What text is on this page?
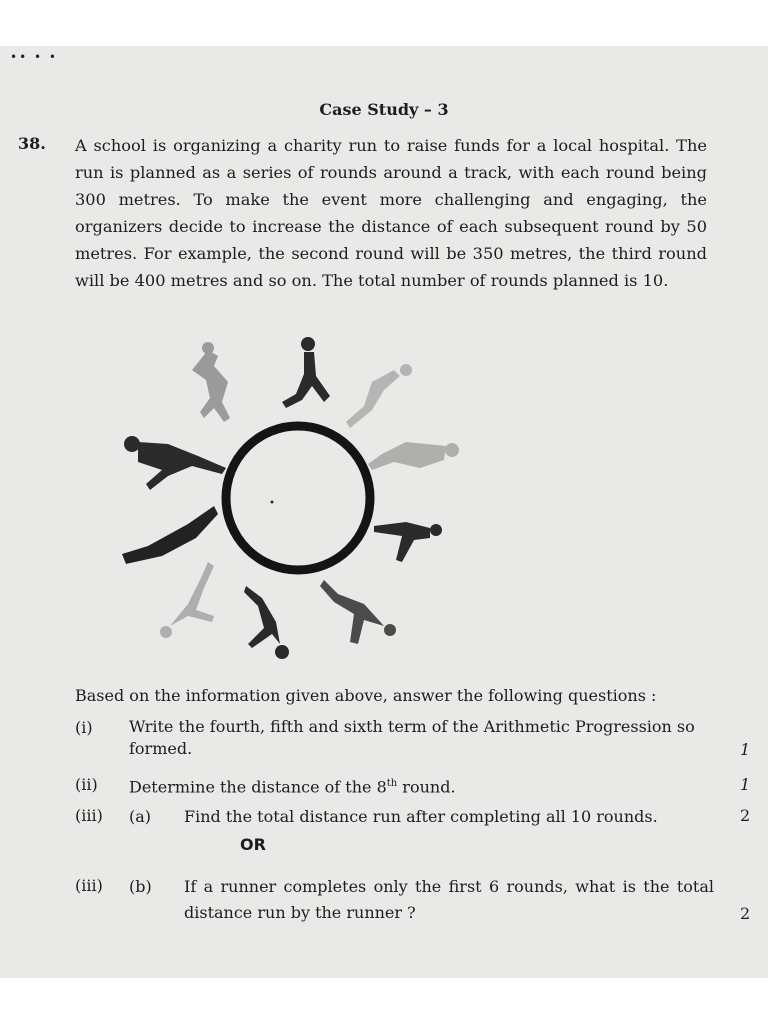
•• • •
Case Study – 3
38. A school is organizing a charity run to raise funds for a local hospital. The run is planned as a series of rounds around a track, with each round being 300 metres. To make the event more challenging and engaging, the organizers decide to increase the distance of each subsequent round by 50 metres. For example, the second round will be 350 metres, the third round will be 400 metres and so on. The total number of rounds planned is 10.

Based on the information given above, answer the following questions :
(i) Write the fourth, fifth and sixth term of the Arithmetic Progression so formed.	1
(ii) Determine the distance of the 8th round.	1
(iii) (a) Find the total distance run after completing all 10 rounds.	2
OR
(iii) (b) If a runner completes only the first 6 rounds, what is the total distance run by the runner ?	2
